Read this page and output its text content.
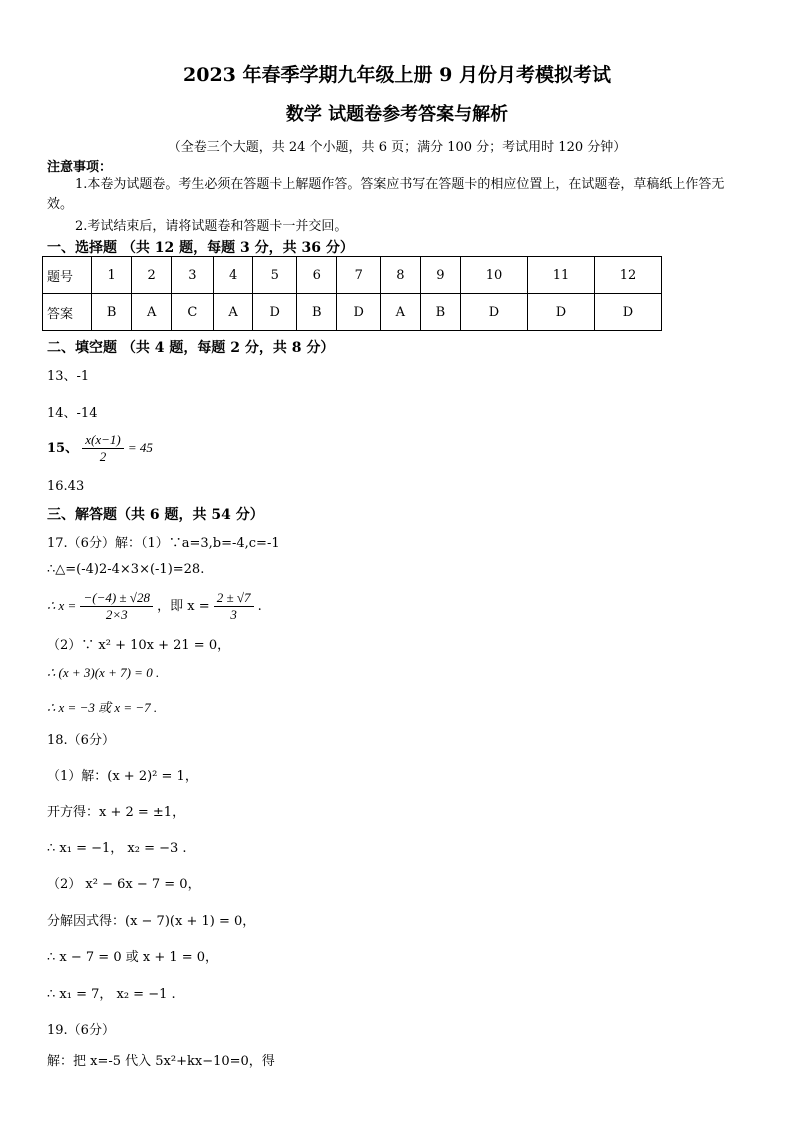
2023 年春季学期九年级上册 9 月份月考模拟考试
数学 试题卷参考答案与解析
（全卷三个大题，共 24 个小题，共 6 页；满分 100 分；考试用时 120 分钟）
注意事项：
1.本卷为试题卷。考生必须在答题卡上解题作答。答案应书写在答题卡的相应位置上，在试题卷，草稿纸上作答无效。
2.考试结束后，请将试题卷和答题卡一并交回。
一、选择题 （共 12 题，每题 3 分，共 36 分）
题号	1	2	3	4	5	6	7	8	9	10	11	12
答案	B	A	C	A	D	B	D	A	B	D	D	D
二、填空题 （共 4 题，每题 2 分，共 8 分）
13、-1
14、-14
15、 $\frac{x(x-1)}{2} = 45$
16.43
三、解答题（共 6 题，共 54 分）
17.（6分）解：（1）∵a=3,b=-4,c=-1
∴△=(-4)2-4×3×(-1)=28.
∴ $x = \frac{-(-4) \pm √28}{2\times 3}$ ，即 $x = \frac{2 \pm √7}{3}$ .
（2）∵ x² + 10x + 21 = 0，
∴ (x + 3)(x + 7) = 0 .
∴ x = −3 或 x = −7 .
18.（6分）
（1）解：(x + 2)² = 1，
开方得：x + 2 = ±1，
∴ x₁ = −1， x₂ = −3 .
（2） x² − 6x − 7 = 0，
分解因式得：(x − 7)(x + 1) = 0，
∴ x − 7 = 0 或 x + 1 = 0，
∴ x₁ = 7， x₂ = −1 .
19.（6分）
解：把 x=-5 代入 5x²+kx−10=0，得
